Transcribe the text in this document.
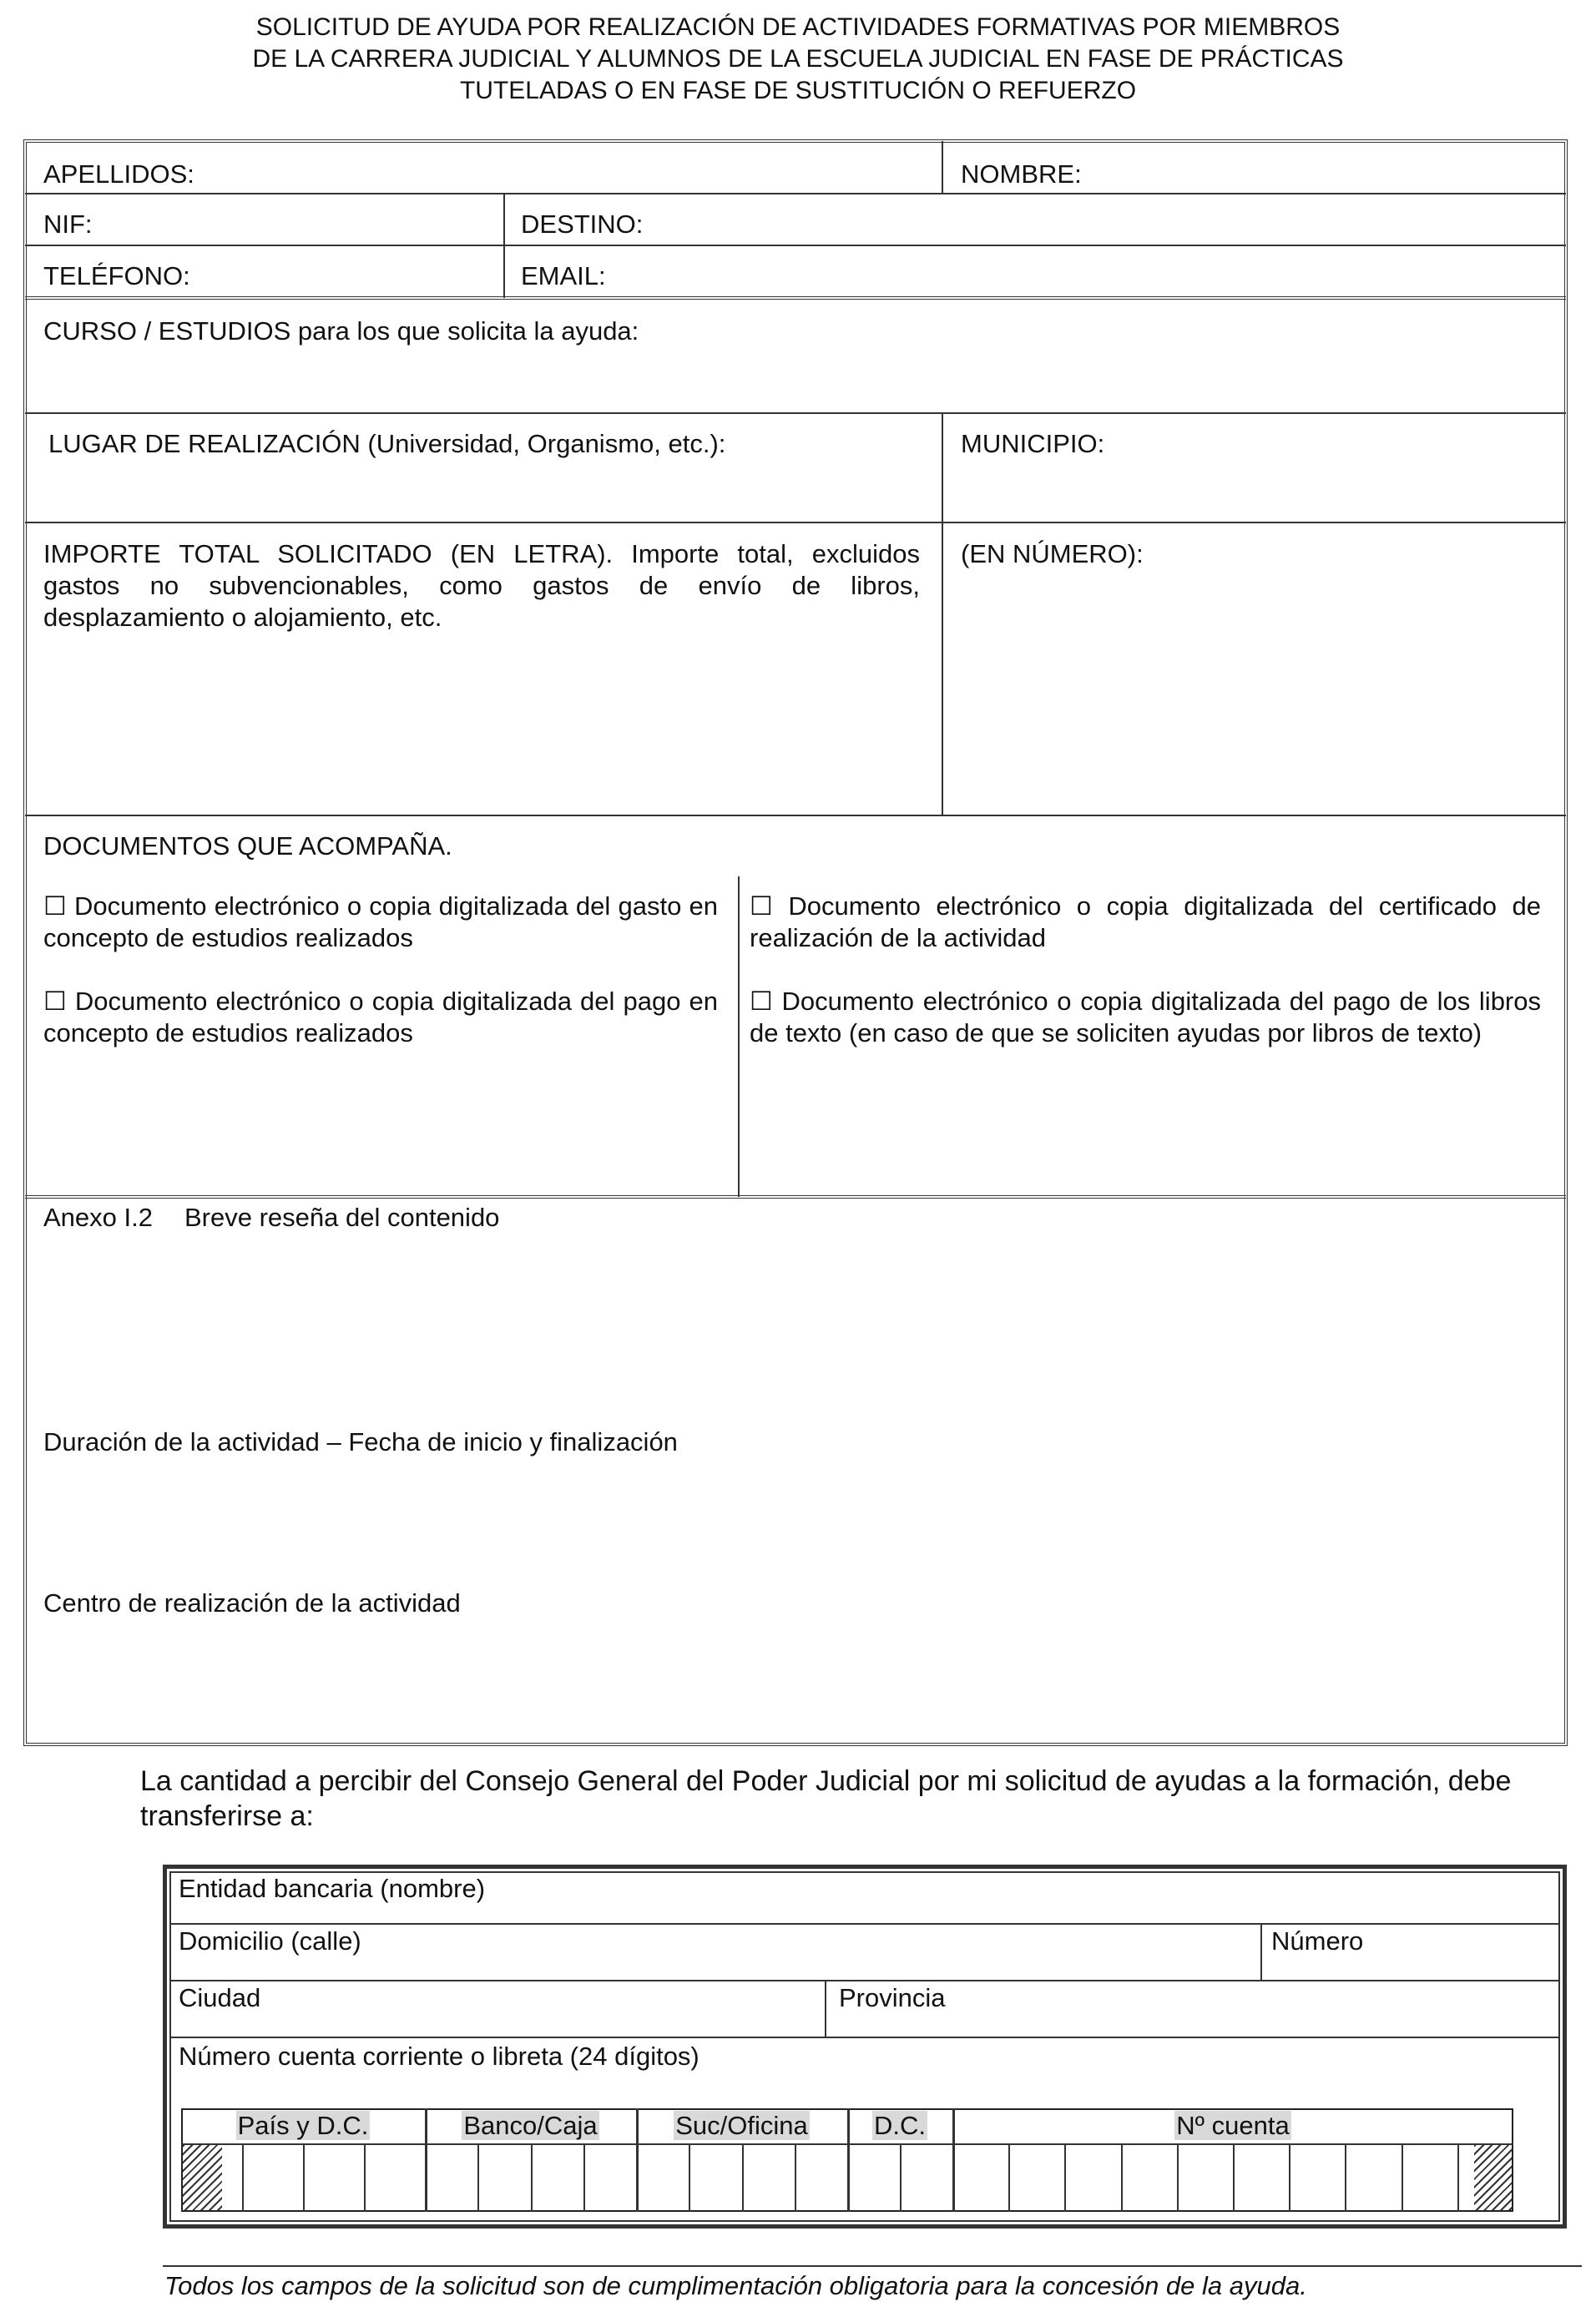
SOLICITUD DE AYUDA POR REALIZACIÓN DE ACTIVIDADES FORMATIVAS POR MIEMBROS
DE LA CARRERA JUDICIAL Y ALUMNOS DE LA ESCUELA JUDICIAL EN FASE DE PRÁCTICAS
TUTELADAS O EN FASE DE SUSTITUCIÓN O REFUERZO
APELLIDOS:	NOMBRE:
NIF:	DESTINO:
TELÉFONO:	EMAIL:
CURSO / ESTUDIOS para los que solicita la ayuda:
LUGAR DE REALIZACIÓN (Universidad, Organismo, etc.):	MUNICIPIO:
IMPORTE TOTAL SOLICITADO (EN LETRA). Importe total, excluidos gastos no subvencionables, como gastos de envío de libros, desplazamiento o alojamiento, etc.
(EN NÚMERO):
DOCUMENTOS QUE ACOMPAÑA.
☐ Documento electrónico o copia digitalizada del gasto en concepto de estudios realizados
☐ Documento electrónico o copia digitalizada del pago en concepto de estudios realizados
☐ Documento electrónico o copia digitalizada del certificado de realización de la actividad
☐ Documento electrónico o copia digitalizada del pago de los libros de texto (en caso de que se soliciten ayudas por libros de texto)
Anexo I.2 Breve reseña del contenido
Duración de la actividad – Fecha de inicio y finalización
Centro de realización de la actividad
La cantidad a percibir del Consejo General del Poder Judicial por mi solicitud de ayudas a la formación, debe transferirse a:
Entidad bancaria (nombre)
Domicilio (calle)	Número
Ciudad	Provincia
Número cuenta corriente o libreta (24 dígitos)
País y D.C.	Banco/Caja	Suc/Oficina	D.C.	Nº cuenta
Todos los campos de la solicitud son de cumplimentación obligatoria para la concesión de la ayuda.
